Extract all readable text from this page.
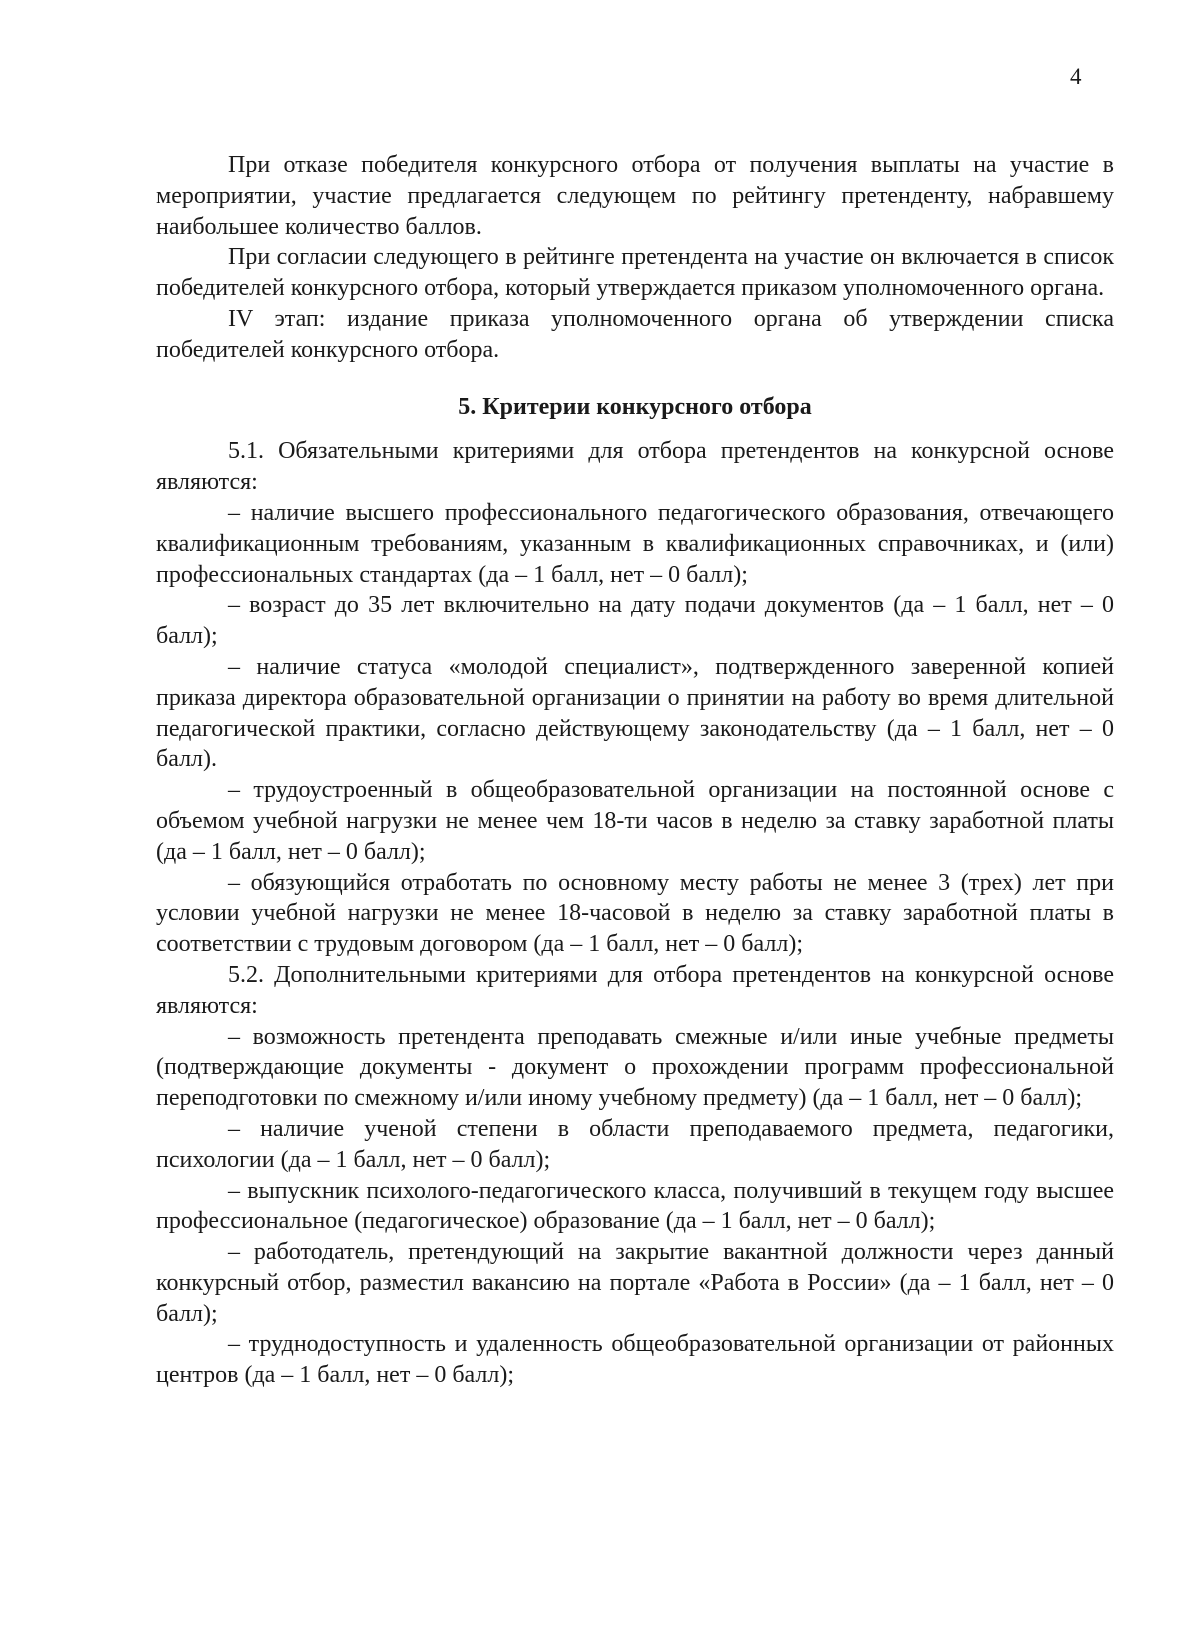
4

При отказе победителя конкурсного отбора от получения выплаты на участие в мероприятии, участие предлагается следующем по рейтингу претенденту, набравшему наибольшее количество баллов.

При согласии следующего в рейтинге претендента на участие он включается в список победителей конкурсного отбора, который утверждается приказом уполномоченного органа.

IV этап: издание приказа уполномоченного органа об утверждении списка победителей конкурсного отбора.

5. Критерии конкурсного отбора

5.1. Обязательными критериями для отбора претендентов на конкурсной основе являются:

– наличие высшего профессионального педагогического образования, отвечающего квалификационным требованиям, указанным в квалификационных справочниках, и (или) профессиональных стандартах (да – 1 балл, нет – 0 балл);

– возраст до 35 лет включительно на дату подачи документов (да – 1 балл, нет – 0 балл);

– наличие статуса «молодой специалист», подтвержденного заверенной копией приказа директора образовательной организации о принятии на работу во время длительной педагогической практики, согласно действующему законодательству (да – 1 балл, нет – 0 балл).

– трудоустроенный в общеобразовательной организации на постоянной основе с объемом учебной нагрузки не менее чем 18-ти часов в неделю за ставку заработной платы (да – 1 балл, нет – 0 балл);

– обязующийся отработать по основному месту работы не менее 3 (трех) лет при условии учебной нагрузки не менее 18-часовой в неделю за ставку заработной платы в соответствии с трудовым договором (да – 1 балл, нет – 0 балл);

5.2. Дополнительными критериями для отбора претендентов на конкурсной основе являются:

– возможность претендента преподавать смежные и/или иные учебные предметы (подтверждающие документы - документ о прохождении программ профессиональной переподготовки по смежному и/или иному учебному предмету) (да – 1 балл, нет – 0 балл);

– наличие ученой степени в области преподаваемого предмета, педагогики, психологии (да – 1 балл, нет – 0 балл);

– выпускник психолого-педагогического класса, получивший в текущем году высшее профессиональное (педагогическое) образование (да – 1 балл, нет – 0 балл);

– работодатель, претендующий на закрытие вакантной должности через данный конкурсный отбор, разместил вакансию на портале «Работа в России» (да – 1 балл, нет – 0 балл);

– труднодоступность и удаленность общеобразовательной организации от районных центров (да – 1 балл, нет – 0 балл);
